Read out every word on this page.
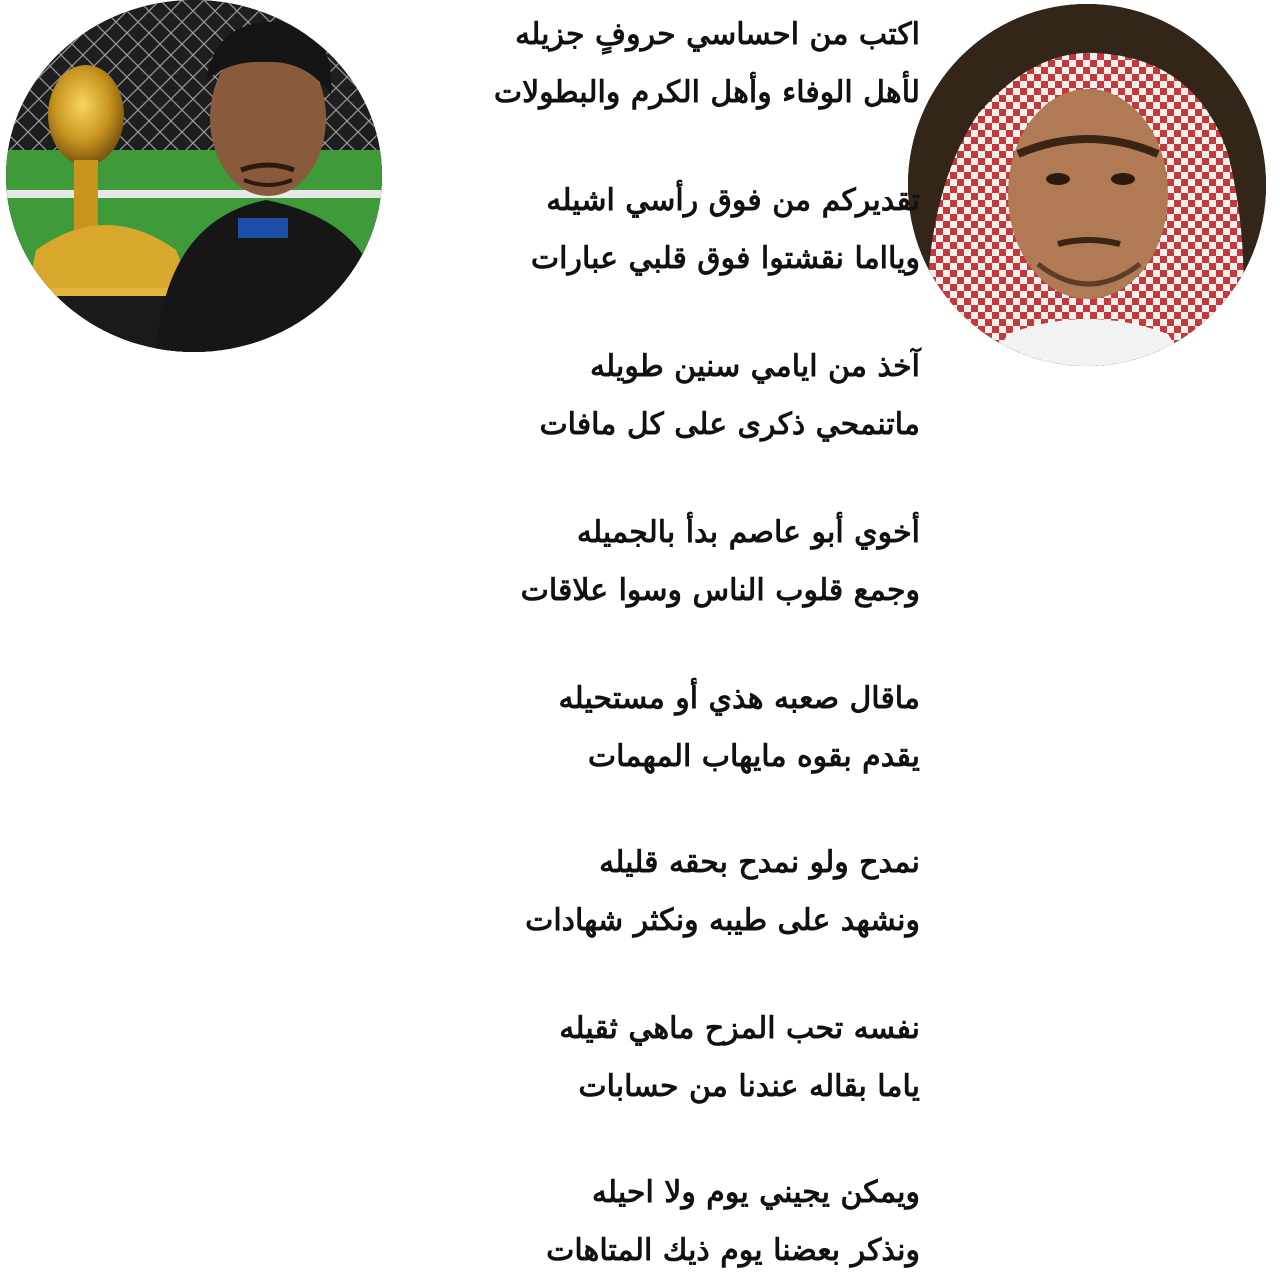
اكتب من احساسي حروفٍ جزيله
لأهل الوفاء وأهل الكرم والبطولات
تقديركم من فوق رأسي اشيله
ويااما نقشتوا فوق قلبي عبارات
آخذ من ايامي سنين طويله
ماتنمحي ذكرى على كل مافات
أخوي أبو عاصم بدأ بالجميله
وجمع قلوب الناس وسوا علاقات
ماقال صعبه هذي أو مستحيله
يقدم بقوه مايهاب المهمات
نمدح ولو نمدح بحقه قليله
ونشهد على طيبه ونكثر شهادات
نفسه تحب المزح ماهي ثقيله
ياما بقاله عندنا من حسابات
ويمكن يجيني يوم ولا احيله
ونذكر بعضنا يوم ذيك المتاهات
